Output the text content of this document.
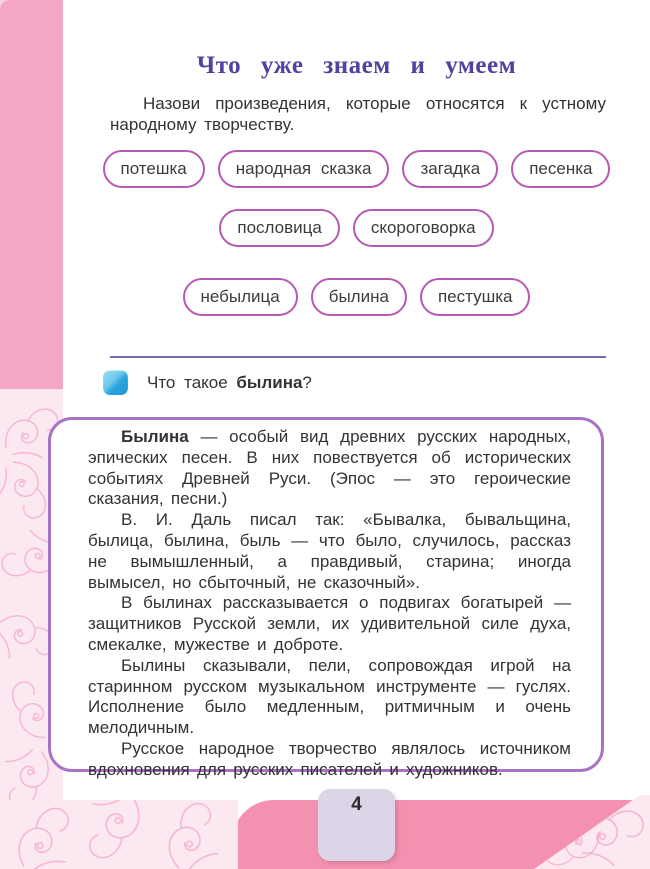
Что уже знаем и умеем

Назови произведения, которые относятся к устному народному творчеству.

потешка	народная сказка	загадка	песенка
пословица	скороговорка
небылица	былина	пестушка
Что такое былина?

Былина — особый вид древних русских народных, эпических песен. В них повествуется об исторических событиях Древней Руси. (Эпос — это героические сказания, песни.)

В. И. Даль писал так: «Бывалка, бывальщина, былица, былина, быль — что было, случилось, рассказ не вымышленный, а правдивый, старина; иногда вымысел, но сбыточный, не сказочный».

В былинах рассказывается о подвигах богатырей — защитников Русской земли, их удивительной силе духа, смекалке, мужестве и доброте.

Былины сказывали, пели, сопровождая игрой на старинном русском музыкальном инструменте — гуслях. Исполнение было медленным, ритмичным и очень мелодичным.

Русское народное творчество являлось источником вдохновения для русских писателей и художников.

4
